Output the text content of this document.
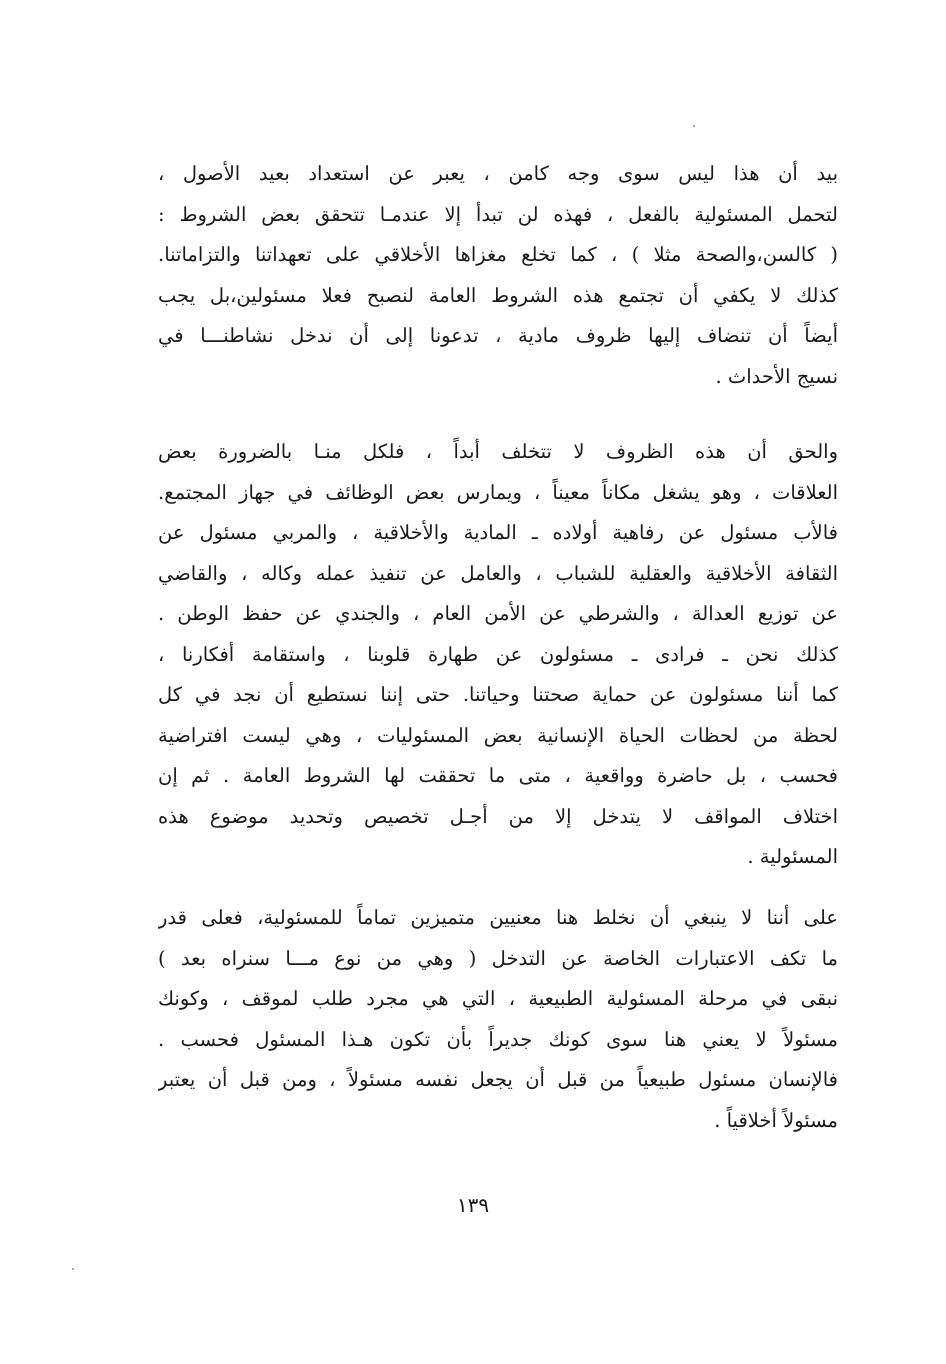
بيد أن هذا ليس سوى وجه كامن ، يعبر عن استعداد بعيد الأصول ،
لتحمل المسئولية بالفعل ، فهذه لن تبدأ إلا عندمـا تتحقق بعض الشروط :
( كالسن،والصحة مثلا ) ، كما تخلع مغزاها الأخلاقي على تعهداتنا والتزاماتنا.
كذلك لا يكفي أن تجتمع هذه الشروط العامة لنصبح فعلا مسئولين،بل يجب
أيضاً أن تنضاف إليها ظروف مادية ، تدعونا إلى أن ندخل نشاطنـــا في
نسيج الأحداث .
والحق أن هذه الظروف لا تتخلف أبداً ، فلكل منـا بالضرورة بعض
العلاقات ، وهو يشغل مكاناً معيناً ، ويمارس بعض الوظائف في جهاز المجتمع.
فالأب مسئول عن رفاهية أولاده ـ المادية والأخلاقية ، والمربي مسئول عن
الثقافة الأخلاقية والعقلية للشباب ، والعامل عن تنفيذ عمله وكاله ، والقاضي
عن توزيع العدالة ، والشرطي عن الأمن العام ، والجندي عن حفظ الوطن .
كذلك نحن ـ فرادى ـ مسئولون عن طهارة قلوبنا ، واستقامة أفكارنا ،
كما أننا مسئولون عن حماية صحتنا وحياتنا. حتى إننا نستطيع أن نجد في كل
لحظة من لحظات الحياة الإنسانية بعض المسئوليات ، وهي ليست افتراضية
فحسب ، بل حاضرة وواقعية ، متى ما تحققت لها الشروط العامة . ثم إن
اختلاف المواقف لا يتدخل إلا من أجـل تخصيص وتحديد موضوع هذه
المسئولية .
على أننا لا ينبغي أن نخلط هنا معنيين متميزين تماماً للمسئولية، فعلى قدر
ما تكف الاعتبارات الخاصة عن التدخل ( وهي من نوع مـــا سنراه بعد )
نبقى في مرحلة المسئولية الطبيعية ، التي هي مجرد طلب لموقف ، وكونك
مسئولاً لا يعني هنا سوى كونك جديراً بأن تكون هـذا المسئول فحسب .
فالإنسان مسئول طبيعياً من قبل أن يجعل نفسه مسئولاً ، ومن قبل أن يعتبر
مسئولاً أخلاقياً .
١٣٩
